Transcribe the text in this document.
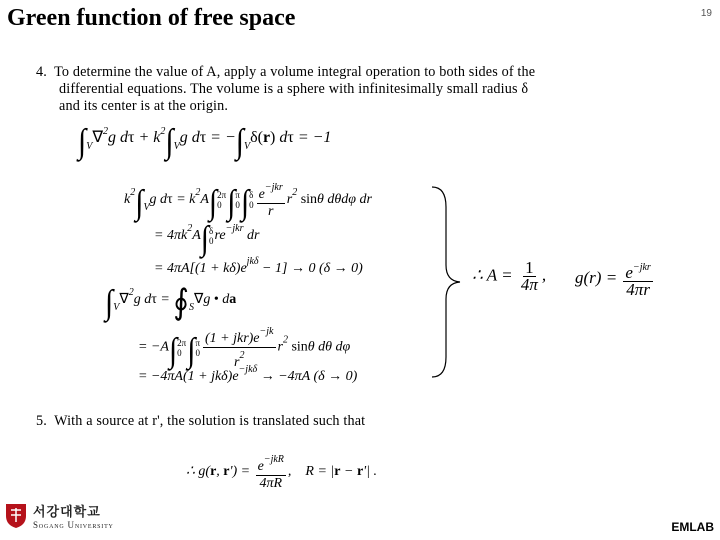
Green function of free space	19
4. To determine the value of A, apply a volume integral operation to both sides of the
differential equations. The volume is a sphere with infinitesimally small radius δ
and its center is at the origin.
$\int_V\nabla^2g$ $d\tau + k^2\int_Vg$ $d\tau = -\int_V\delta(r) d\tau = -1$
$k^2\int_Vg$ $d\tau = k^2A\int$ 2π
0 ∫ π
0 ∫ δ
$0 \frac{e^{-jkr}}{r} r^2$ sinθ dθdφ dr
= $4\pi k^2A\int$ δ
0 $re^{-jkr}$ dr
= $4\pi A[(1 + k\delta)e^{jk\delta} - 1] \to 0$ (δ → 0)
$\int_V\nabla^2g$ $d\tau = ∮_S\nabla g$ • da
= −A∫ 2π
0 ∫ π
$0 \frac{(1 + jkr)e^{-jk}}{r^2} r^2$ sinθ dθ dφ
= $-4\pi A(1 + jk\delta)e^{-jk\delta} \to -4\pi A$ (δ → 0)
∴ $A = \frac{1}{4\pi}$ , $g(r) = \frac{e^{-jkr}}{4\pi r}$
5. With a source at r', the solution is translated such that
∴ g(r, $r') = \frac{e^{-jkR}}{4\pi R}$ ,    R = |r − r'| .
서강대학교
Sogang University	EMLAB
